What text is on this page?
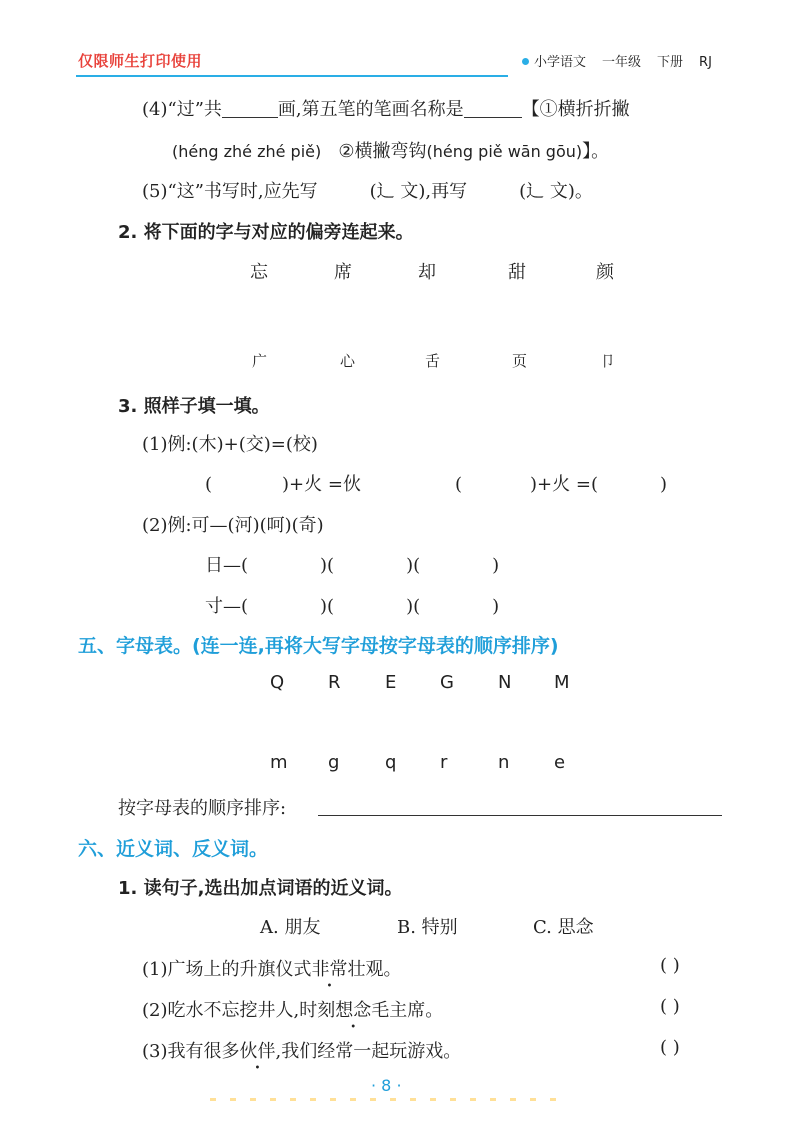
仅限师生打印使用	小学语文 一年级 下册 RJ
(4)“过”共	画,第五笔的笔画名称是	【①横折折撇
(héng zhé zhé piě) ②横撇弯钩(héng piě wān gōu)】。
(5)“这”书写时,应先写	(辶 文),再写	(辶 文)。
2. 将下面的字与对应的偏旁连起来。
忘	席	却	甜	颜
广	心	舌	页	卩
3. 照样子填一填。
(1)例:(木)+(交)=(校)
(	)+火 =伙	(	)+火 =(	)
(2)例:可—(河)(呵)(奇)
日—(	)(	)(	)
寸—(	)(	)(	)
五、字母表。(连一连,再将大写字母按字母表的顺序排序)
Q R E G N M
m g	q r	n e
按字母表的顺序排序:
六、近义词、反义词。
1. 读句子,选出加点词语的近义词。
A. 朋友	B. 特别	C. 思念
(1)广场上的升旗仪式非常壮观。	( )
(2)吃水不忘挖井人,时刻想念毛主席。	( )
(3)我有很多伙伴,我们经常一起玩游戏。	( )
· 8 ·
